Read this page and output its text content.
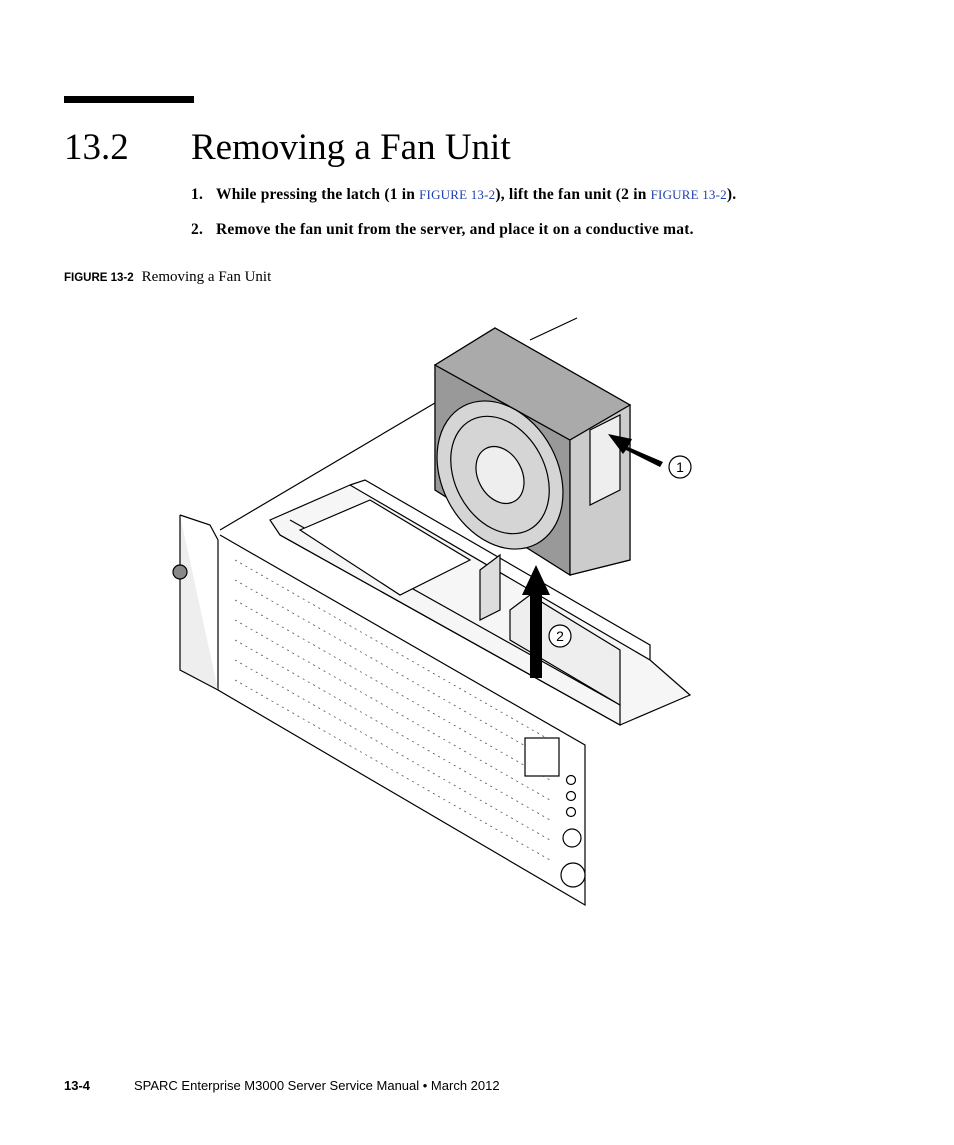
13.2 Removing a Fan Unit
1. While pressing the latch (1 in FIGURE 13-2), lift the fan unit (2 in FIGURE 13-2).
2. Remove the fan unit from the server, and place it on a conductive mat.
FIGURE 13-2 Removing a Fan Unit
1
2
13-4	SPARC Enterprise M3000 Server Service Manual • March 2012
